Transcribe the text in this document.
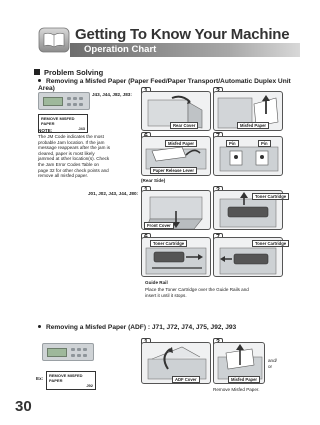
Getting To Know Your Machine
Operation Chart
Problem Solving
Removing a Misfed Paper (Paper Feed/Paper Transport/Automatic Duplex Unit Area)
J43, J44, J82, J83:
REMOVE MISFED PAPER
J43
NOTE:
The JM Code indicates the most probable Jam location. If the jam message reappears after the jam is cleared, paper is most likely jammed at other location(s). Check the Jam Error Codes Table on page 32 for other check points and remove all misfed paper.
Rear Cover	Misfed Paper
Misfed Paper
Paper Release Lever
(Rear Side)
Pin	Pin
J01, J02, J43, J44, J80:
Front Cover
Toner Cartridge
Toner Cartridge
Guide Rail
Place the Toner Cartridge over the Guide Rails and insert it until it stops.
Toner Cartridge
Removing a Misfed Paper (ADF) : J71, J72, J74, J75, J92, J93
Ex:
REMOVE MISFED PAPER
J92
ADF Cover
and/
or
Misfed Paper
Remove Misfed Paper.
30
